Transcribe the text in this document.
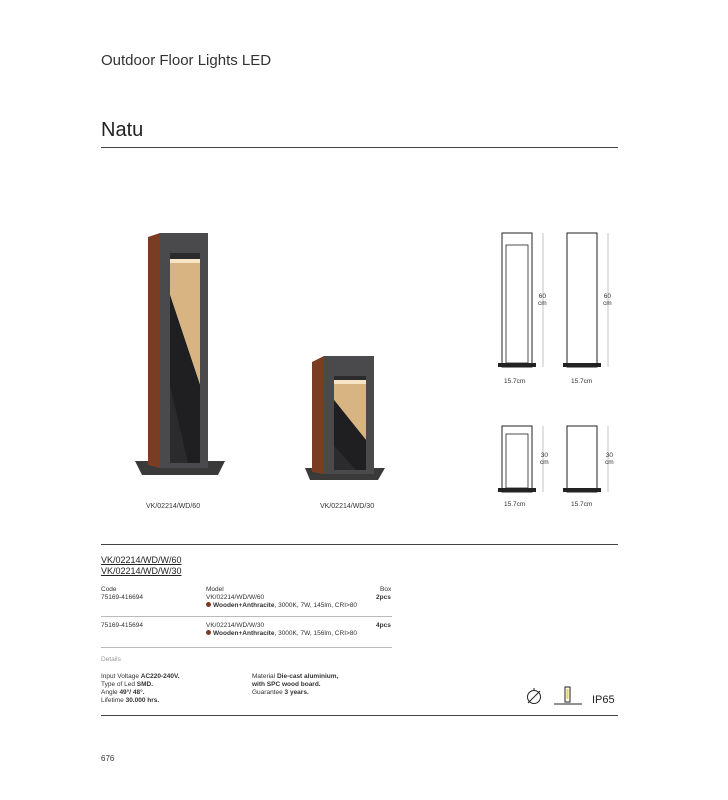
Outdoor Floor Lights LED
Natu
VK/02214/WD/60	VK/02214/WD/30
60
cm
60
cm
15.7cm	15.7cm
30
cm
30
cm
15.7cm	15.7cm
VK/02214/WD/W/60
VK/02214/WD/W/30
Code	Model	Box
75169-416694	VK/02214/WD/W/60
Wooden+Anthracite, 3000K, 7W, 145lm, CRI>80
2pcs
75169-415694	VK/02214/WD/W/30
Wooden+Anthracite, 3000K, 7W, 156lm, CRI>80
4pcs
Details
Input Voltage AC220-240V.
Type of Led SMD.
Angle 49°/ 48°.
Lifetime 30.000 hrs.
Material Die-cast aluminium,
with SPC wood board.
Guarantee 3 years.
IP65
676
